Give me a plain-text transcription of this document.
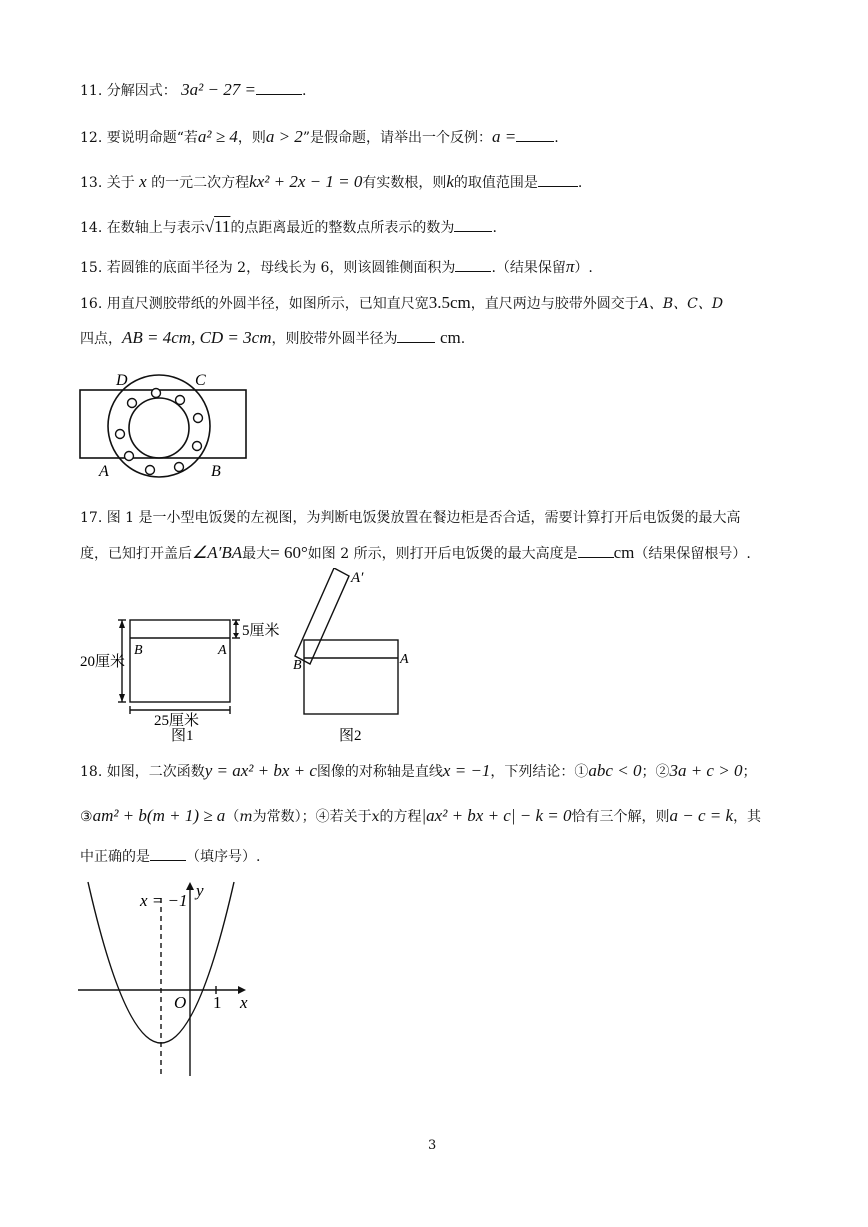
11. 分解因式： 3a² − 27 =	.
12. 要说明命题“若a² ≥ 4，则a > 2”是假命题，请举出一个反例：a =	.
13. 关于 x 的一元二次方程kx² + 2x − 1 = 0有实数根，则k的取值范围是	.
14. 在数轴上与表示√11的点距离最近的整数点所表示的数为	.
15. 若圆锥的底面半径为 2，母线长为 6，则该圆锥侧面积为	.（结果保留π）.
16. 用直尺测胶带纸的外圆半径，如图所示，已知直尺宽3.5cm，直尺两边与胶带外圆交于A、B、C、D
四点，AB = 4cm, CD = 3cm，则胶带外圆半径为 cm.
D	C
A	B
17. 图 1 是一小型电饭煲的左视图，为判断电饭煲放置在餐边柜是否合适，需要计算打开后电饭煲的最大高
度，已知打开盖后∠A′BA最大= 60°如图 2 所示，则打开后电饭煲的最大高度是 cm（结果保留根号）.
20厘米
5厘米
25厘米
B	A
图1
A′
B	A
图2
18. 如图，二次函数y = ax² + bx + c图像的对称轴是直线x = −1，下列结论：①abc < 0；②3a + c > 0；
③am² + b(m + 1) ≥ a（m为常数）；④若关于x的方程|ax² + bx + c| − k = 0恰有三个解，则a − c = k，其
中正确的是	（填序号）.
x = −1
y
x
O 1
3
